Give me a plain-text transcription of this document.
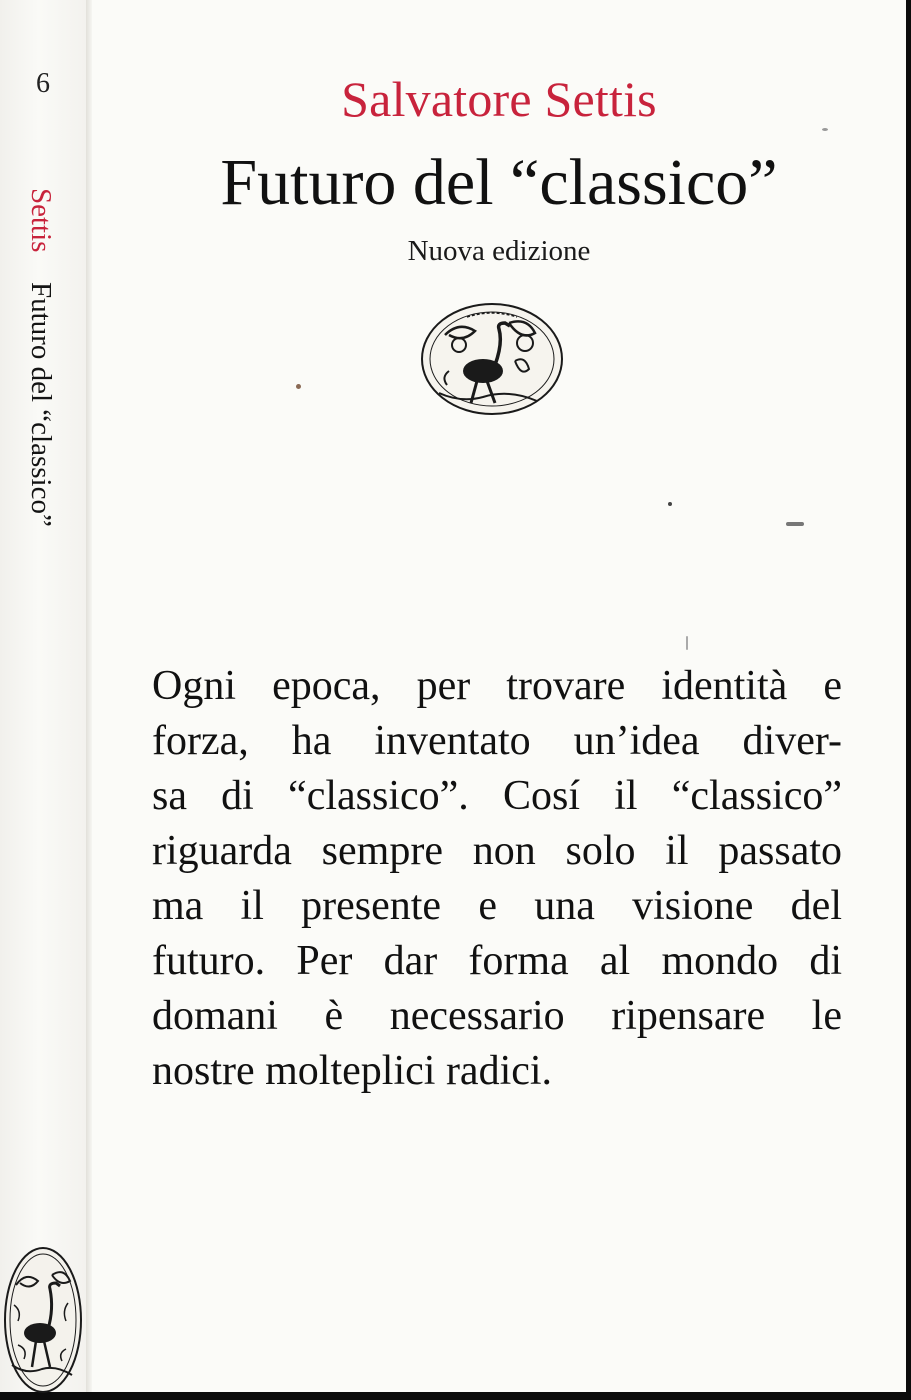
6
Settis Futuro del “classico”
Salvatore Settis
Futuro del “classico”
Nuova edizione
Ogni epoca, per trovare identità e
forza, ha inventato un’idea diver-
sa di “classico”. Cosí il “classico”
riguarda sempre non solo il passato
ma il presente e una visione del
futuro. Per dar forma al mondo di
domani è necessario ripensare le
nostre molteplici radici.
